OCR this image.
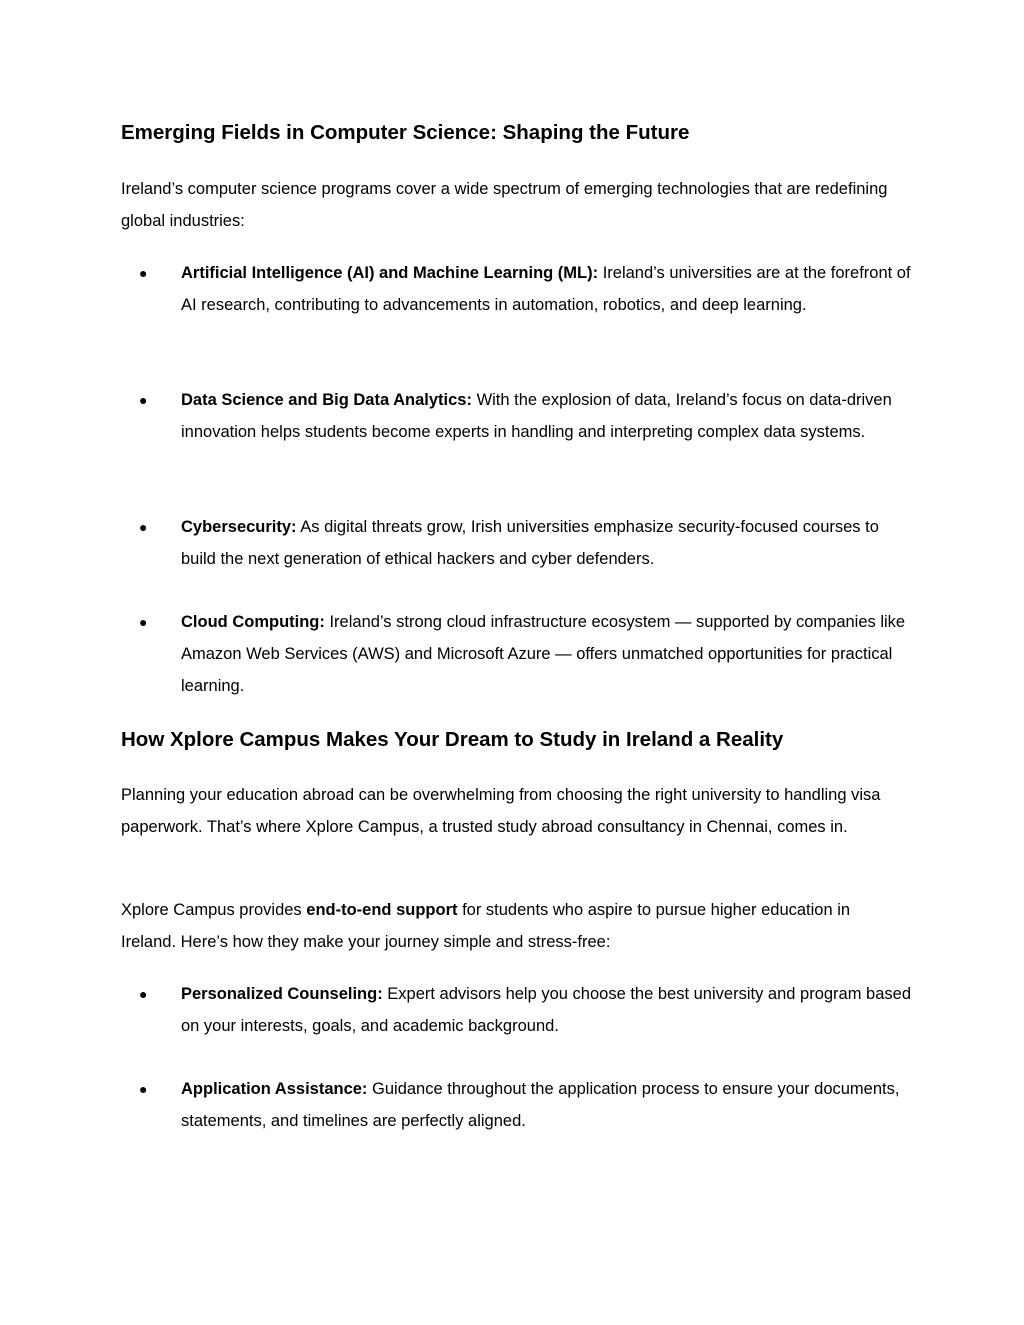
Emerging Fields in Computer Science: Shaping the Future

Ireland’s computer science programs cover a wide spectrum of emerging technologies that are redefining global industries:

● Artificial Intelligence (AI) and Machine Learning (ML): Ireland’s universities are at the forefront of AI research, contributing to advancements in automation, robotics, and deep learning.
● Data Science and Big Data Analytics: With the explosion of data, Ireland’s focus on data-driven innovation helps students become experts in handling and interpreting complex data systems.
● Cybersecurity: As digital threats grow, Irish universities emphasize security-focused courses to build the next generation of ethical hackers and cyber defenders.
● Cloud Computing: Ireland’s strong cloud infrastructure ecosystem — supported by companies like Amazon Web Services (AWS) and Microsoft Azure — offers unmatched opportunities for practical learning.
How Xplore Campus Makes Your Dream to Study in Ireland a Reality

Planning your education abroad can be overwhelming from choosing the right university to handling visa paperwork. That’s where Xplore Campus, a trusted study abroad consultancy in Chennai, comes in.

Xplore Campus provides end-to-end support for students who aspire to pursue higher education in Ireland. Here’s how they make your journey simple and stress-free:

● Personalized Counseling: Expert advisors help you choose the best university and program based on your interests, goals, and academic background.
● Application Assistance: Guidance throughout the application process to ensure your documents, statements, and timelines are perfectly aligned.
